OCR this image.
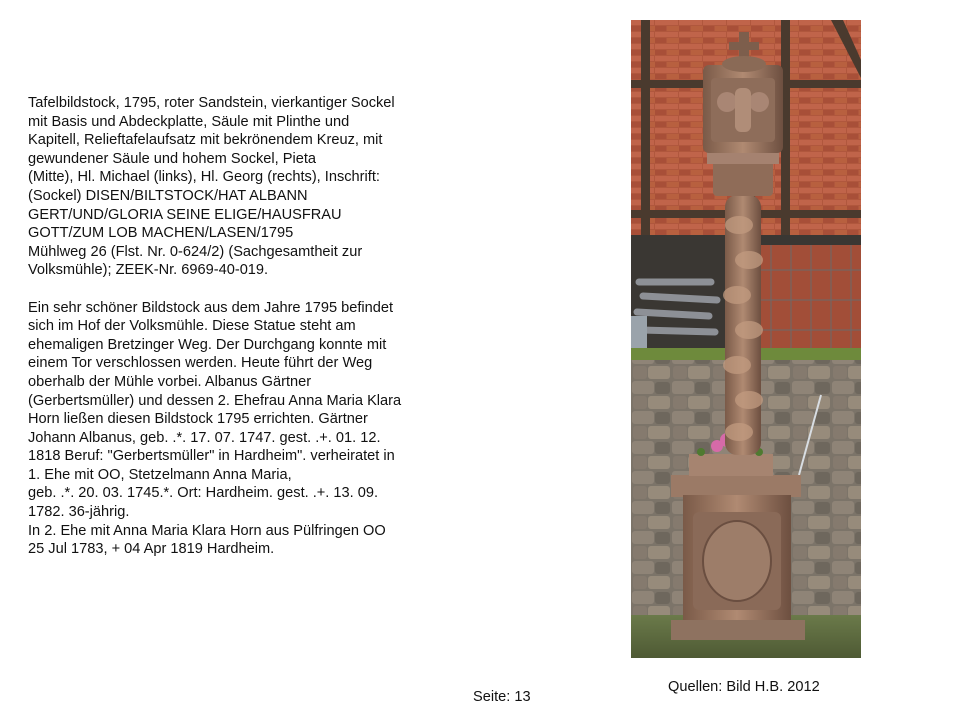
Tafelbildstock, 1795, roter Sandstein, vierkantiger Sockel

mit Basis und Abdeckplatte, Säule mit Plinthe und

Kapitell, Relieftafelaufsatz mit bekrönendem Kreuz, mit

gewundener Säule und hohem Sockel, Pieta

(Mitte), Hl. Michael (links), Hl. Georg (rechts), Inschrift:

(Sockel) DISEN/BILTSTOCK/HAT ALBANN

GERT/UND/GLORIA SEINE ELIGE/HAUSFRAU

GOTT/ZUM LOB MACHEN/LASEN/1795

Mühlweg 26 (Flst. Nr. 0-624/2) (Sachgesamtheit zur

Volksmühle); ZEEK-Nr. 6969-40-019.

Ein sehr schöner Bildstock aus dem Jahre 1795 befindet

sich im Hof der Volksmühle. Diese Statue steht am

ehemaligen Bretzinger Weg. Der Durchgang konnte mit

einem Tor verschlossen werden. Heute führt der Weg

oberhalb der Mühle vorbei. Albanus Gärtner

(Gerbertsmüller) und dessen 2. Ehefrau Anna Maria Klara

Horn ließen diesen Bildstock 1795 errichten. Gärtner

Johann Albanus, geb. .*. 17. 07. 1747. gest. .+. 01. 12.

1818 Beruf: "Gerbertsmüller" in Hardheim". verheiratet in

1. Ehe mit OO, Stetzelmann Anna Maria,

geb. .*. 20. 03. 1745.*. Ort: Hardheim. gest. .+. 13. 09.

1782. 36-jährig.

In 2. Ehe mit Anna Maria Klara Horn aus Pülfringen OO

25 Jul 1783, + 04 Apr 1819 Hardheim.

Quellen: Bild H.B. 2012
Seite: 13
